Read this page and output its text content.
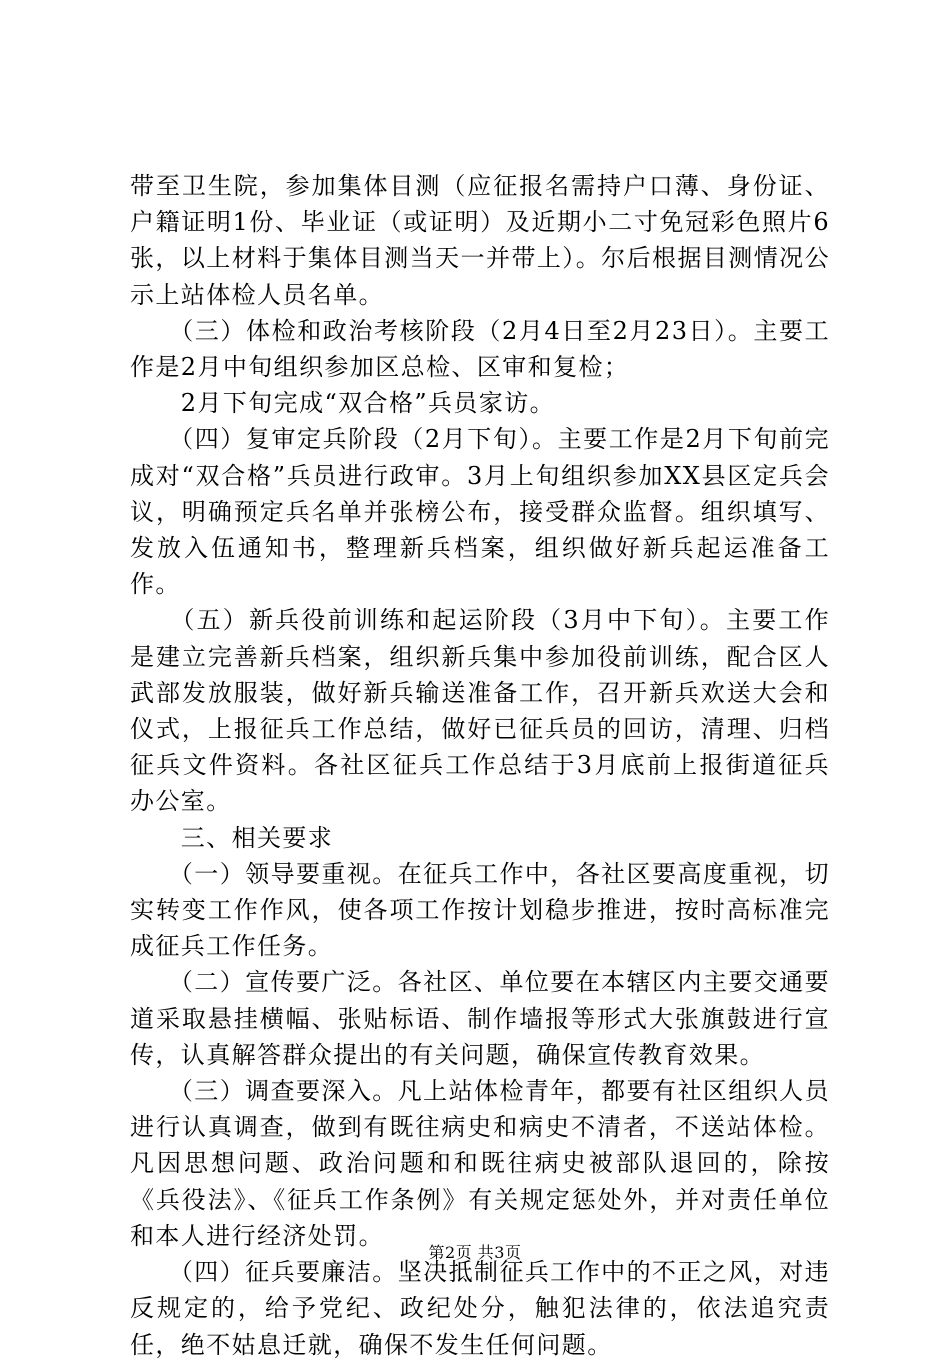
带至卫生院，参加集体目测（应征报名需持户口薄、身份证、户籍证明1份、毕业证（或证明）及近期小二寸免冠彩色照片6张，以上材料于集体目测当天一并带上）。尔后根据目测情况公示上站体检人员名单。

　　（三）体检和政治考核阶段（2月4日至2月23日）。主要工作是2月中旬组织参加区总检、区审和复检；

　　2月下旬完成“双合格”兵员家访。

　　（四）复审定兵阶段（2月下旬）。主要工作是2月下旬前完成对“双合格”兵员进行政审。3月上旬组织参加XX县区定兵会议，明确预定兵名单并张榜公布，接受群众监督。组织填写、发放入伍通知书，整理新兵档案，组织做好新兵起运准备工作。

　　（五）新兵役前训练和起运阶段（3月中下旬）。主要工作是建立完善新兵档案，组织新兵集中参加役前训练，配合区人武部发放服装，做好新兵输送准备工作，召开新兵欢送大会和仪式，上报征兵工作总结，做好已征兵员的回访，清理、归档征兵文件资料。各社区征兵工作总结于3月底前上报街道征兵办公室。

　　三、相关要求

　　（一）领导要重视。在征兵工作中，各社区要高度重视，切实转变工作作风，使各项工作按计划稳步推进，按时高标准完成征兵工作任务。

　　（二）宣传要广泛。各社区、单位要在本辖区内主要交通要道采取悬挂横幅、张贴标语、制作墙报等形式大张旗鼓进行宣传，认真解答群众提出的有关问题，确保宣传教育效果。

　　（三）调查要深入。凡上站体检青年，都要有社区组织人员进行认真调查，做到有既往病史和病史不清者，不送站体检。凡因思想问题、政治问题和和既往病史被部队退回的，除按《兵役法》、《征兵工作条例》有关规定惩处外，并对责任单位和本人进行经济处罚。

　　（四）征兵要廉洁。坚决抵制征兵工作中的不正之风，对违反规定的，给予党纪、政纪处分，触犯法律的，依法追究责任，绝不姑息迁就，确保不发生任何问题。

第2页 共3页
